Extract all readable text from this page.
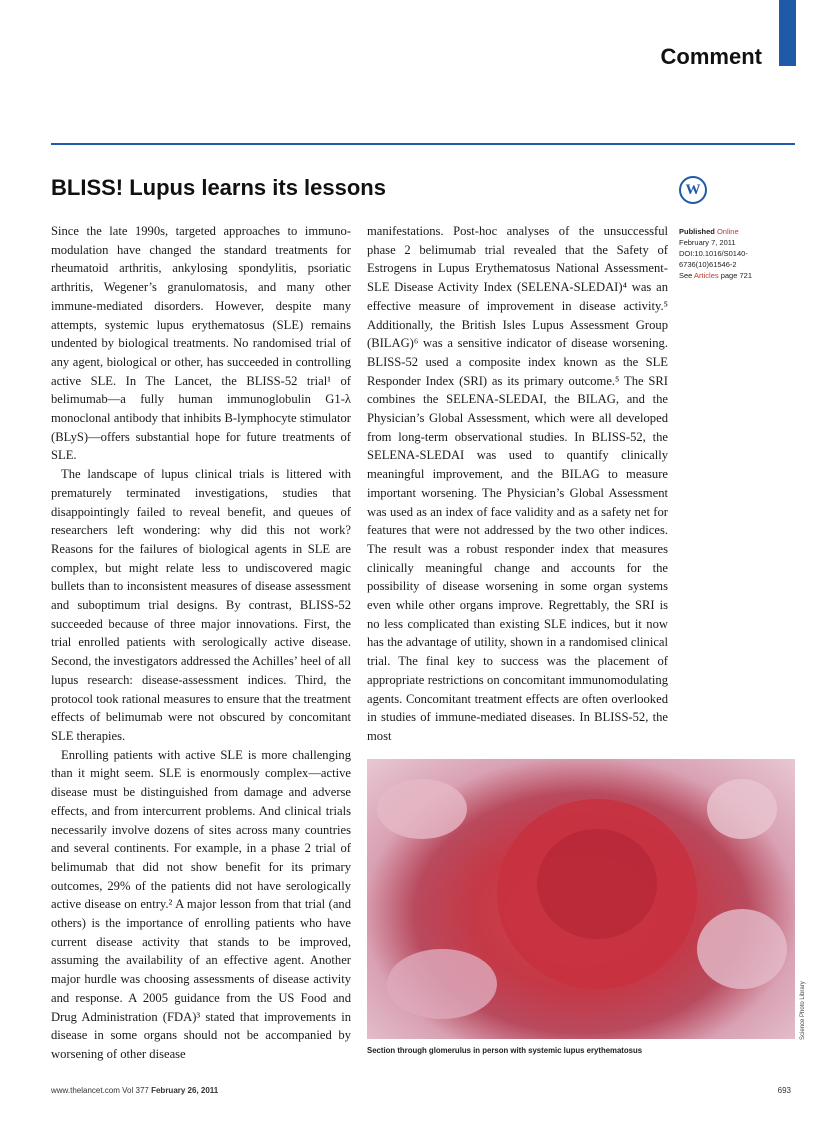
Comment
BLISS! Lupus learns its lessons	W

Since the late 1990s, targeted approaches to immuno-modulation have changed the standard treatments for rheumatoid arthritis, ankylosing spondylitis, psoriatic arthritis, Wegener’s granulomatosis, and many other immune-mediated disorders. However, despite many attempts, systemic lupus erythematosus (SLE) remains undented by biological treatments. No randomised trial of any agent, biological or other, has succeeded in controlling active SLE. In The Lancet, the BLISS-52 trial¹ of belimumab—a fully human immunoglobulin G1-λ monoclonal antibody that inhibits B-lymphocyte stimulator (BLyS)—offers substantial hope for future treatments of SLE.

The landscape of lupus clinical trials is littered with prematurely terminated investigations, studies that disappointingly failed to reveal benefit, and queues of researchers left wondering: why did this not work? Reasons for the failures of biological agents in SLE are complex, but might relate less to undiscovered magic bullets than to inconsistent measures of disease assessment and suboptimum trial designs. By contrast, BLISS-52 succeeded because of three major innovations. First, the trial enrolled patients with serologically active disease. Second, the investigators addressed the Achilles’ heel of all lupus research: disease-assessment indices. Third, the protocol took rational measures to ensure that the treatment effects of belimumab were not obscured by concomitant SLE therapies.

Enrolling patients with active SLE is more challenging than it might seem. SLE is enormously complex—active disease must be distinguished from damage and adverse effects, and from intercurrent problems. And clinical trials necessarily involve dozens of sites across many countries and several continents. For example, in a phase 2 trial of belimumab that did not show benefit for its primary outcomes, 29% of the patients did not have serologically active disease on entry.² A major lesson from that trial (and others) is the importance of enrolling patients who have current disease activity that stands to be improved, assuming the availability of an effective agent. Another major hurdle was choosing assessments of disease activity and response. A 2005 guidance from the US Food and Drug Administration (FDA)³ stated that improvements in disease in some organs should not be accompanied by worsening of other disease

manifestations. Post-hoc analyses of the unsuccessful phase 2 belimumab trial revealed that the Safety of Estrogens in Lupus Erythematosus National Assessment-SLE Disease Activity Index (SELENA-SLEDAI)⁴ was an effective measure of improvement in disease activity.⁵ Additionally, the British Isles Lupus Assessment Group (BILAG)⁶ was a sensitive indicator of disease worsening. BLISS-52 used a composite index known as the SLE Responder Index (SRI) as its primary outcome.⁵ The SRI combines the SELENA-SLEDAI, the BILAG, and the Physician’s Global Assessment, which were all developed from long-term observational studies. In BLISS-52, the SELENA-SLEDAI was used to quantify clinically meaningful improvement, and the BILAG to measure important worsening. The Physician’s Global Assessment was used as an index of face validity and as a safety net for features that were not addressed by the two other indices. The result was a robust responder index that measures clinically meaningful change and accounts for the possibility of disease worsening in some organ systems even while other organs improve. Regrettably, the SRI is no less complicated than existing SLE indices, but it now has the advantage of utility, shown in a randomised clinical trial. The final key to success was the placement of appropriate restrictions on concomitant immunomodulating agents. Concomitant treatment effects are often overlooked in studies of immune-mediated diseases. In BLISS-52, the most

Published Online
February 7, 2011
DOI:10.1016/S0140-6736(10)61546-2
See Articles page 721
Science Photo Library
Section through glomerulus in person with systemic lupus erythematosus
www.thelancet.com Vol 377 February 26, 2011	693
